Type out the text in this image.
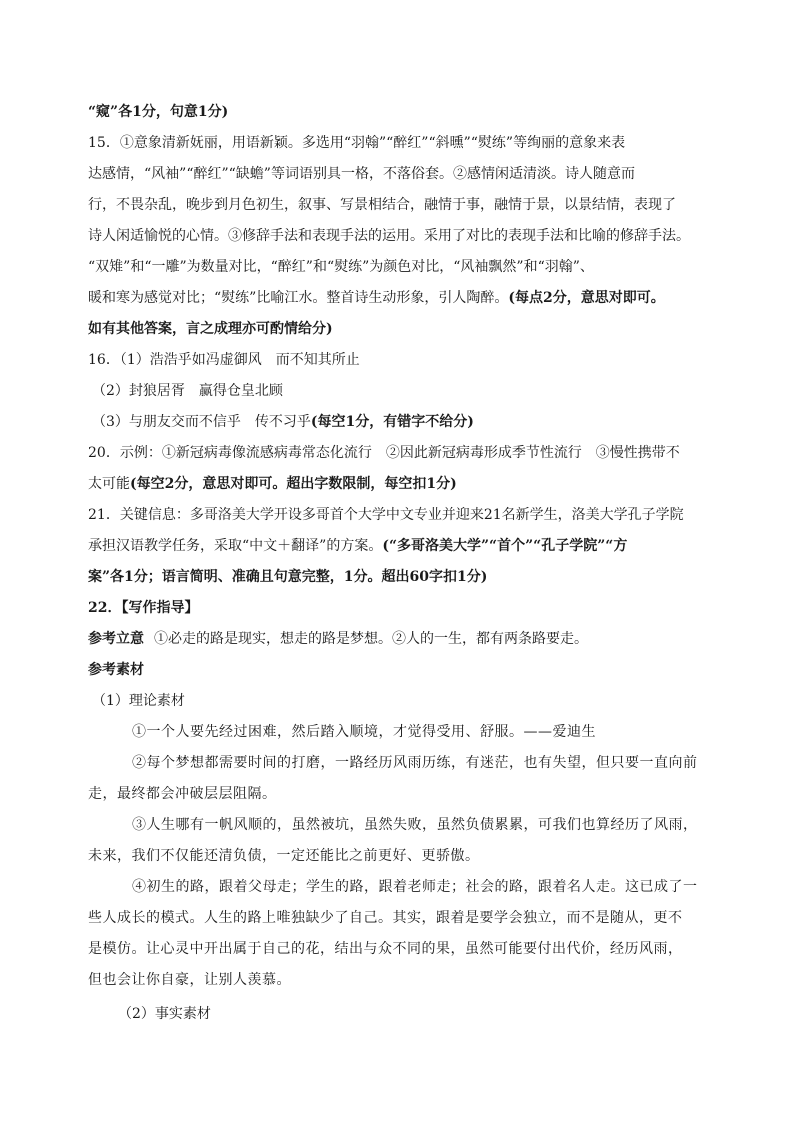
“窥”各1分，句意1分)
15．①意象清新妩丽，用语新颖。多选用“羽翰”“醉红”“斜曛”“熨练”等绚丽的意象来表
达感情，“风袖”“醉红”“缺蟾”等词语别具一格，不落俗套。②感情闲适清淡。诗人随意而
行，不畏杂乱，晚步到月色初生，叙事、写景相结合，融情于事，融情于景，以景结情，表现了
诗人闲适愉悦的心情。③修辞手法和表现手法的运用。采用了对比的表现手法和比喻的修辞手法。
“双雉”和“一雕”为数量对比，“醉红”和“熨练”为颜色对比，“风袖飘然”和“羽翰”、
暖和寒为感觉对比；“熨练”比喻江水。整首诗生动形象，引人陶醉。(每点2分，意思对即可。
如有其他答案，言之成理亦可酌情给分)
16．（1）浩浩乎如冯虚御风　而不知其所止
（2）封狼居胥　赢得仓皇北顾
（3）与朋友交而不信乎　传不习乎(每空1分，有错字不给分)
20．示例：①新冠病毒像流感病毒常态化流行　②因此新冠病毒形成季节性流行　③慢性携带不
太可能(每空2分，意思对即可。超出字数限制，每空扣1分)
21．关键信息：多哥洛美大学开设多哥首个大学中文专业并迎来21名新学生，洛美大学孔子学院
承担汉语教学任务，采取“中文＋翻译”的方案。(“多哥洛美大学”“首个”“孔子学院”“方
案”各1分；语言简明、准确且句意完整，1分。超出60字扣1分)
22．【写作指导】
参考立意 ①必走的路是现实，想走的路是梦想。②人的一生，都有两条路要走。
参考素材
（1）理论素材
①一个人要先经过困难，然后踏入顺境，才觉得受用、舒服。——爱迪生
②每个梦想都需要时间的打磨，一路经历风雨历练，有迷茫，也有失望，但只要一直向前
走，最终都会冲破层层阻隔。
③人生哪有一帆风顺的，虽然被坑，虽然失败，虽然负债累累，可我们也算经历了风雨，
未来，我们不仅能还清负债，一定还能比之前更好、更骄傲。
④初生的路，跟着父母走；学生的路，跟着老师走；社会的路，跟着名人走。这已成了一
些人成长的模式。人生的路上唯独缺少了自己。其实，跟着是要学会独立，而不是随从，更不
是模仿。让心灵中开出属于自己的花，结出与众不同的果，虽然可能要付出代价，经历风雨，
但也会让你自豪，让别人羡慕。
（2）事实素材
